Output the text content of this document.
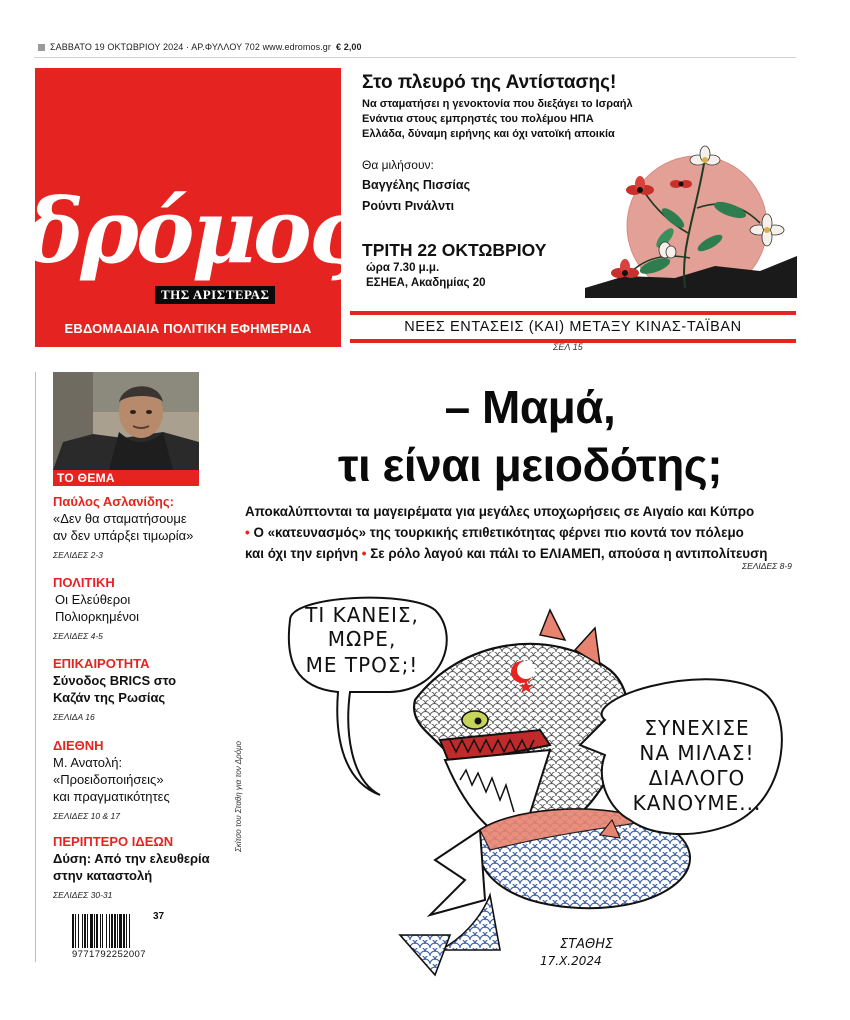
ΣΑΒΒΑΤΟ 19 ΟΚΤΩΒΡΙΟΥ 2024 · ΑΡ.ΦΥΛΛΟΥ 702 www.edromos.gr € 2,00
δρόμος
ΤΗΣ ΑΡΙΣΤΕΡΑΣ
ΕΒΔΟΜΑΔΙΑΙΑ ΠΟΛΙΤΙΚΗ ΕΦΗΜΕΡΙΔΑ
Στο πλευρό της Αντίστασης!
Να σταματήσει η γενοκτονία που διεξάγει το Ισραήλ
Ενάντια στους εμπρηστές του πολέμου ΗΠΑ
Ελλάδα, δύναμη ειρήνης και όχι νατοϊκή αποικία
Θα μιλήσουν:
Βαγγέλης Πισσίας
Ρούντι Ρινάλντι
ΤΡΙΤΗ 22 ΟΚΤΩΒΡΙΟΥ
ώρα 7.30 μ.μ.
ΕΣΗΕΑ, Ακαδημίας 20
ΝΕΕΣ ΕΝΤΑΣΕΙΣ (ΚΑΙ) ΜΕΤΑΞΥ ΚΙΝΑΣ-ΤΑΪΒΑΝ
ΣΕΛ 15
ΤΟ ΘΕΜΑ
Παύλος Ασλανίδης:
«Δεν θα σταματήσουμε
αν δεν υπάρξει τιμωρία»
ΣΕΛΙΔΕΣ 2-3
ΠΟΛΙΤΙΚΗ
Οι Ελεύθεροι
Πολιορκημένοι
ΣΕΛΙΔΕΣ 4-5
ΕΠΙΚΑΙΡΟΤΗΤΑ
Σύνοδος BRICS στο
Καζάν της Ρωσίας
ΣΕΛΙΔΑ 16
ΔΙΕΘΝΗ
Μ. Ανατολή:
«Προειδοποιήσεις»
και πραγματικότητες
ΣΕΛΙΔΕΣ 10 & 17
ΠΕΡΙΠΤΕΡΟ ΙΔΕΩΝ
Δύση: Από την ελευθερία
στην καταστολή
ΣΕΛΙΔΕΣ 30-31
37
9771792252007
Σκίτσο του Σταθη για τον Δρόμο
– Μαμά,
τι είναι μειοδότης;
Αποκαλύπτονται τα μαγειρέματα για μεγάλες υποχωρήσεις σε Αιγαίο και Κύπρο
• Ο «κατευνασμός» της τουρκικής επιθετικότητας φέρνει πιο κοντά τον πόλεμο
και όχι την ειρήνη • Σε ρόλο λαγού και πάλι το ΕΛΙΑΜΕΠ, απούσα η αντιπολίτευση
ΣΕΛΙΔΕΣ 8-9
ΤΙ ΚΑΝΕΙΣ,
ΜΩΡΕ,
ΜΕ ΤΡΟΣ;!
ΣΥΝΕΧΙΣΕ
ΝΑ ΜΙΛΑΣ!
ΔΙΑΛΟΓΟ
ΚΑΝΟΥΜΕ...
ΣΤΑΘΗΣ
17.Χ.2024
